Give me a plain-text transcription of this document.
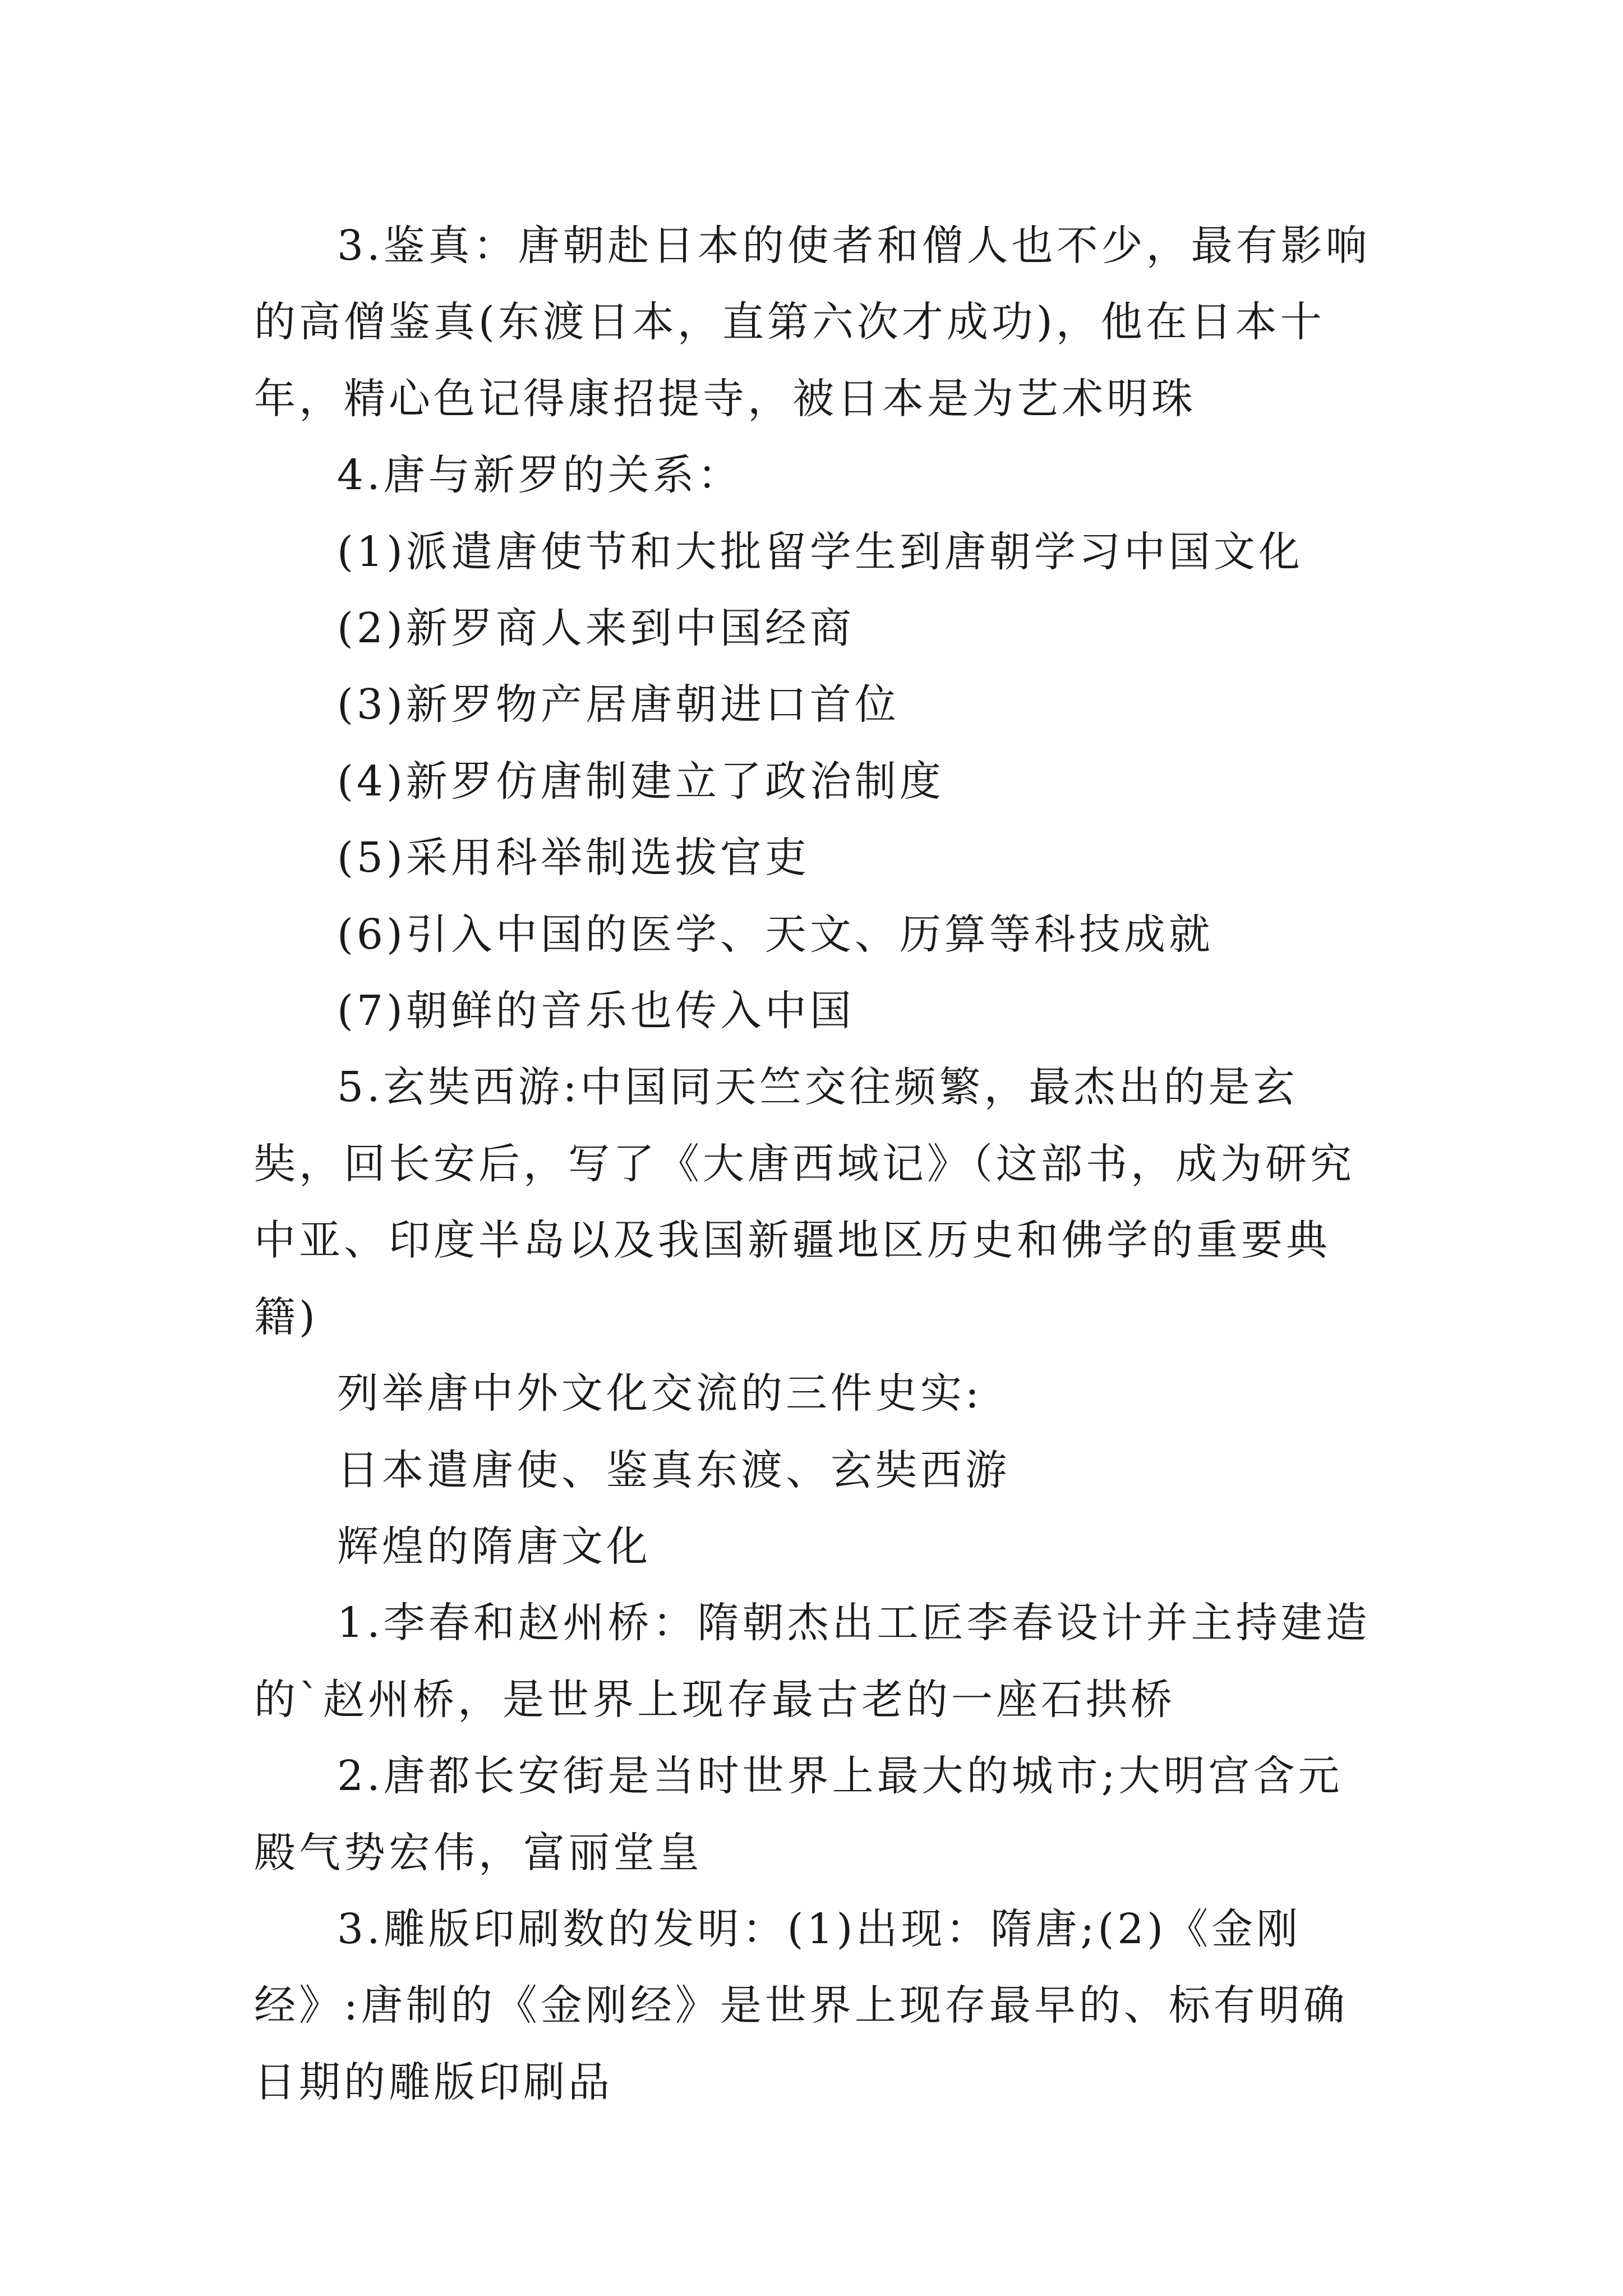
3.鉴真：唐朝赴日本的使者和僧人也不少，最有影响的高僧鉴真(东渡日本，直第六次才成功)，他在日本十年，精心色记得康招提寺，被日本是为艺术明珠

4.唐与新罗的关系：

(1)派遣唐使节和大批留学生到唐朝学习中国文化

(2)新罗商人来到中国经商

(3)新罗物产居唐朝进口首位

(4)新罗仿唐制建立了政治制度

(5)采用科举制选拔官吏

(6)引入中国的医学、天文、历算等科技成就

(7)朝鲜的音乐也传入中国

5.玄奘西游:中国同天竺交往频繁，最杰出的是玄奘，回长安后，写了《大唐西域记》（这部书，成为研究中亚、印度半岛以及我国新疆地区历史和佛学的重要典籍)

列举唐中外文化交流的三件史实:

日本遣唐使、鉴真东渡、玄奘西游

辉煌的隋唐文化

1.李春和赵州桥：隋朝杰出工匠李春设计并主持建造的`赵州桥，是世界上现存最古老的一座石拱桥

2.唐都长安街是当时世界上最大的城市;大明宫含元殿气势宏伟，富丽堂皇

3.雕版印刷数的发明：(1)出现：隋唐;(2)《金刚经》:唐制的《金刚经》是世界上现存最早的、标有明确日期的雕版印刷品
